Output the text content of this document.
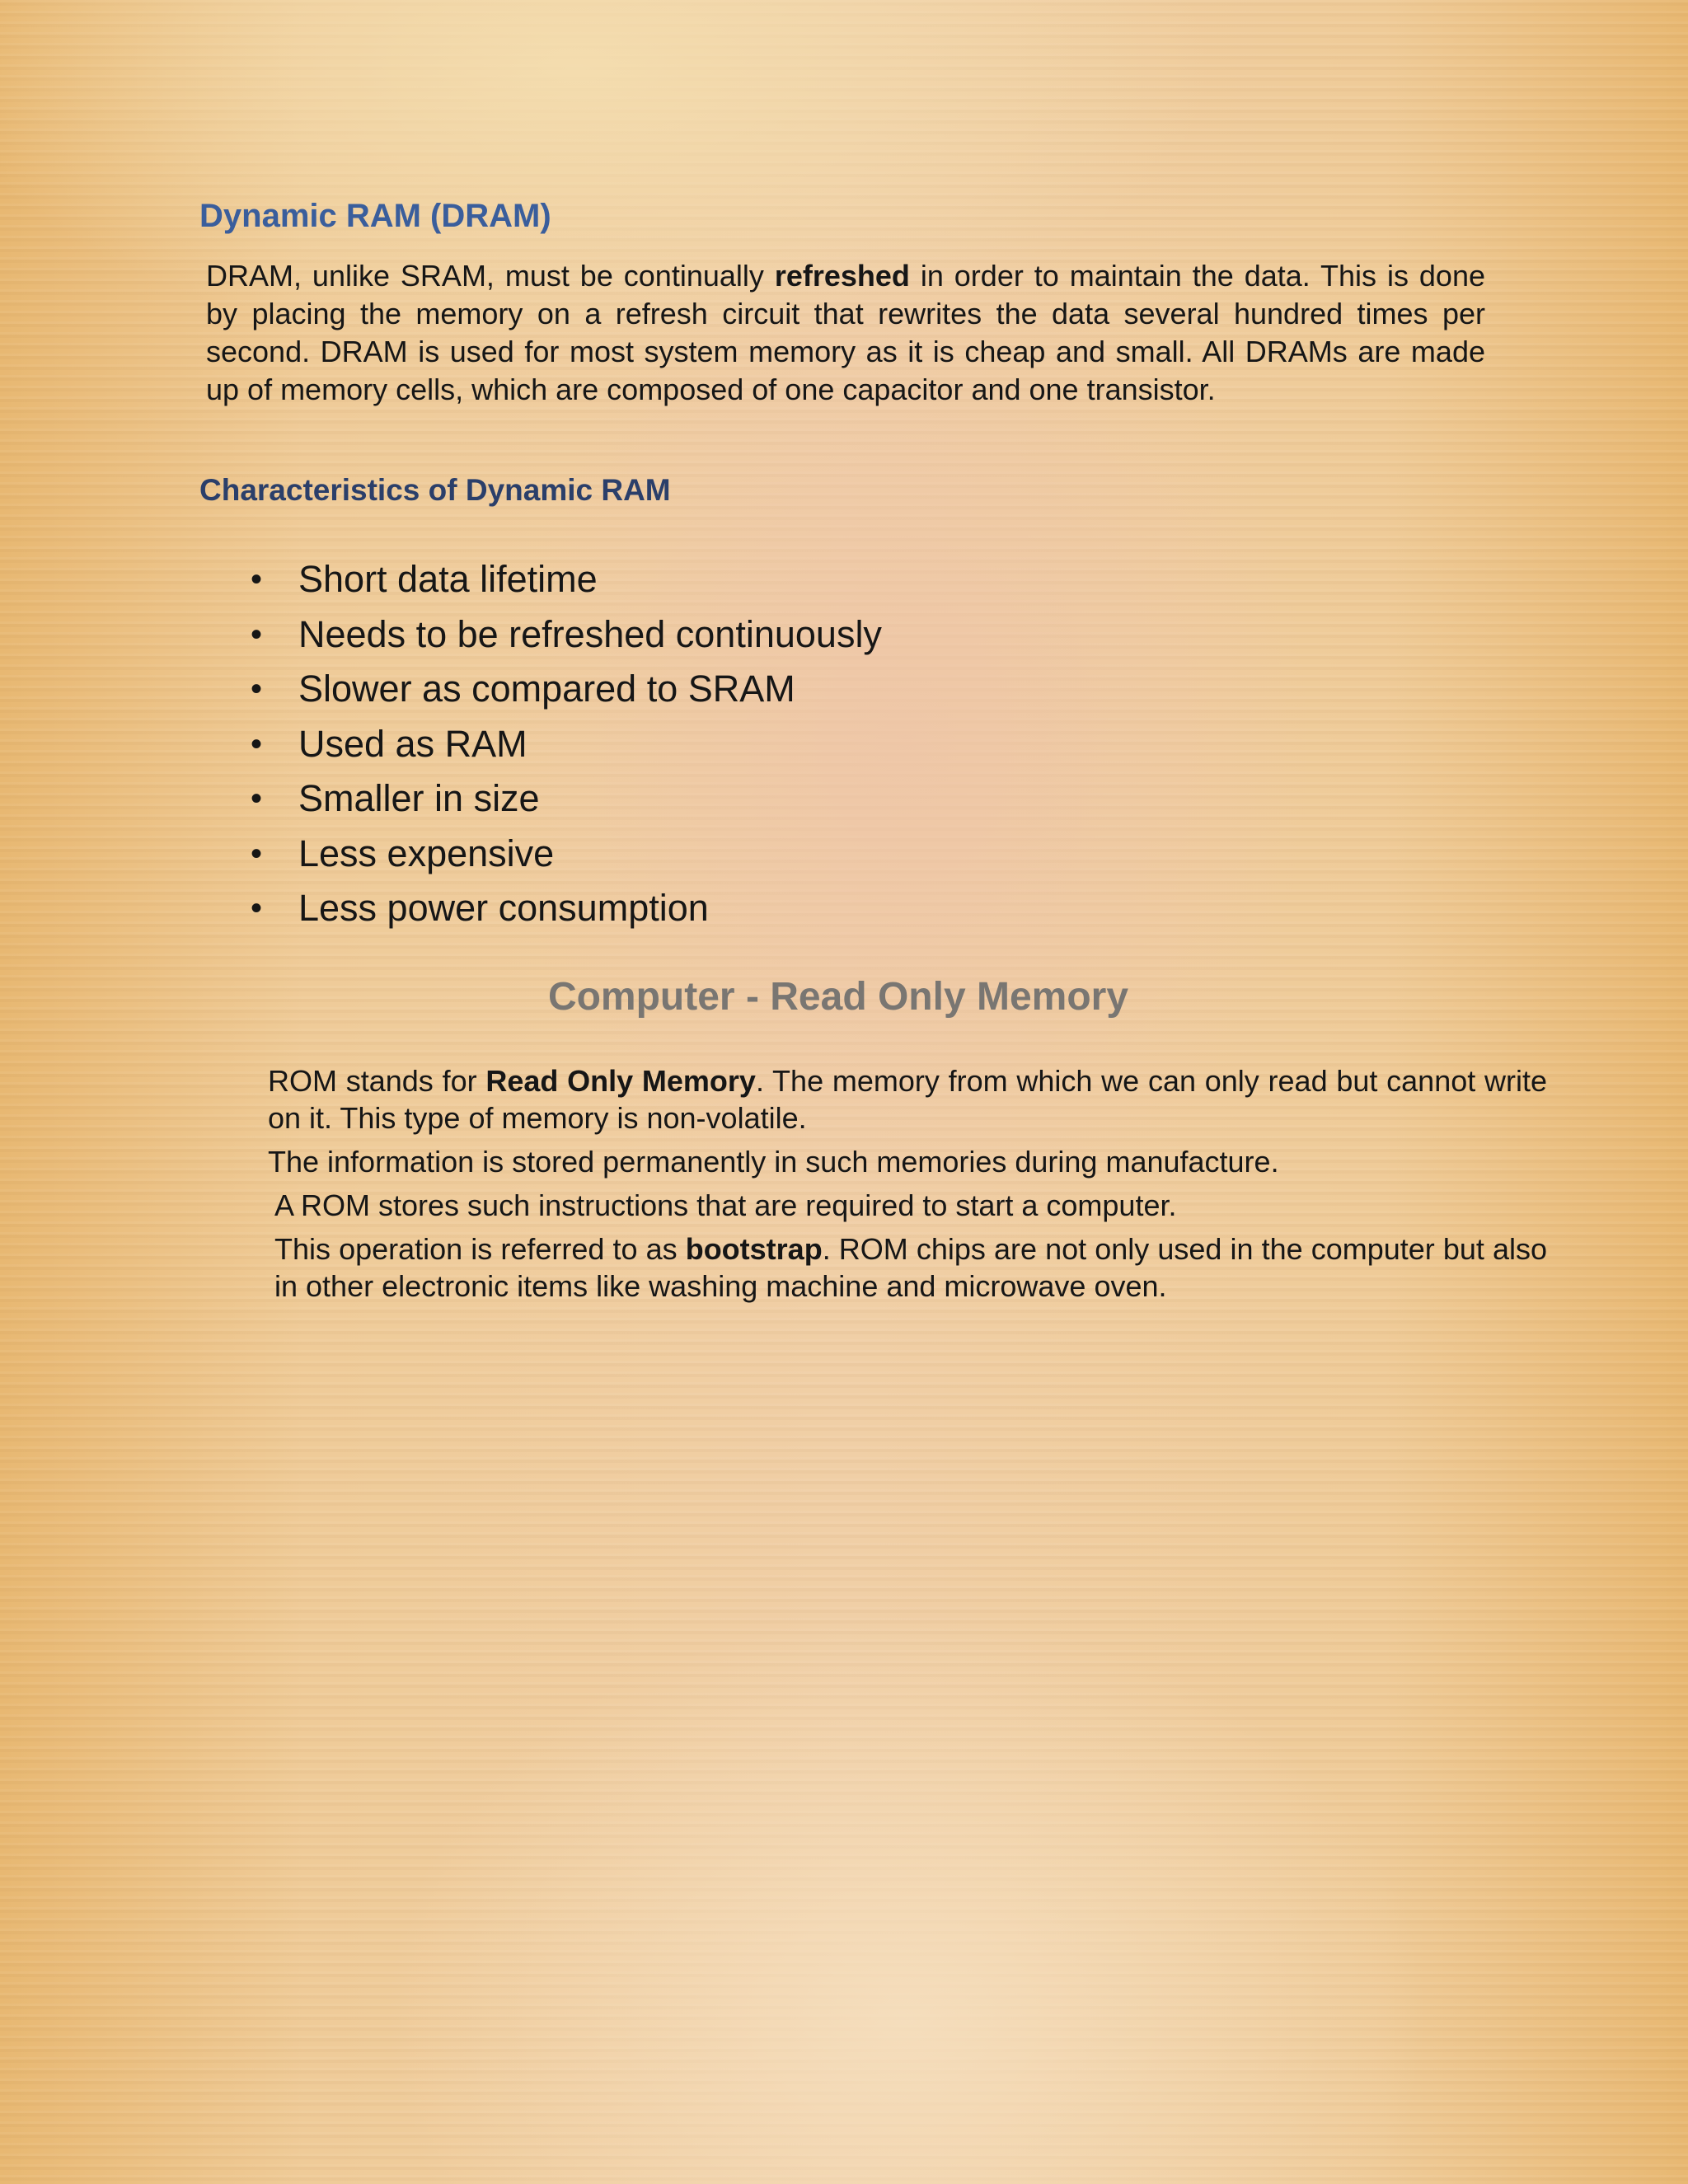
Dynamic RAM (DRAM)

DRAM, unlike SRAM, must be continually refreshed in order to maintain the data. This is done by placing the memory on a refresh circuit that rewrites the data several hundred times per second. DRAM is used for most system memory as it is cheap and small. All DRAMs are made up of memory cells, which are composed of one capacitor and one transistor.

Characteristics of Dynamic RAM
• Short data lifetime
• Needs to be refreshed continuously
• Slower as compared to SRAM
• Used as RAM
• Smaller in size
• Less expensive
• Less power consumption
Computer - Read Only Memory

ROM stands for Read Only Memory. The memory from which we can only read but cannot write on it. This type of memory is non-volatile.

The information is stored permanently in such memories during manufacture.

A ROM stores such instructions that are required to start a computer.

This operation is referred to as bootstrap. ROM chips are not only used in the computer but also in other electronic items like washing machine and microwave oven.
